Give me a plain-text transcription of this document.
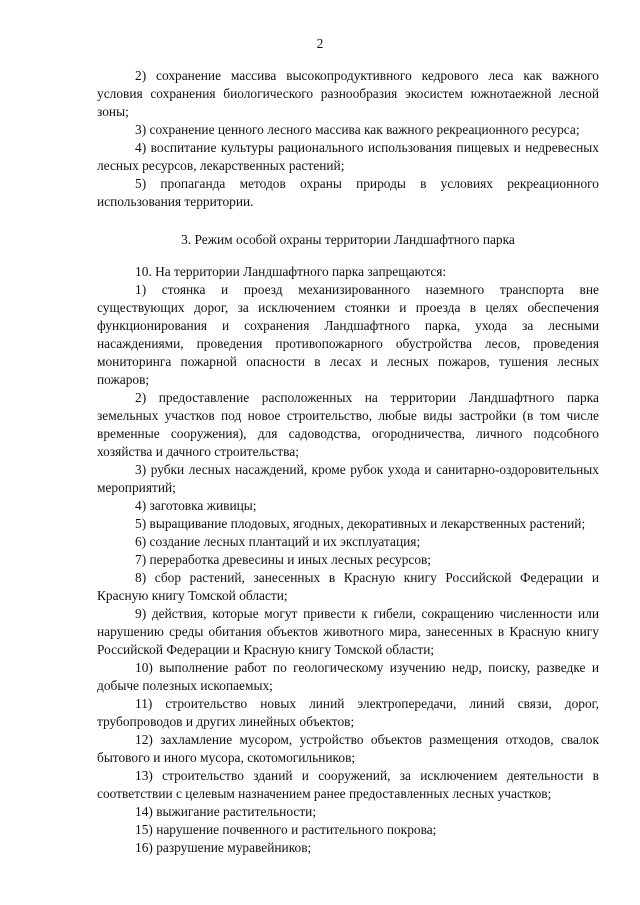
2

2) сохранение массива высокопродуктивного кедрового леса как важного условия сохранения биологического разнообразия экосистем южнотаежной лесной зоны;

3) сохранение ценного лесного массива как важного рекреационного ресурса;

4) воспитание культуры рационального использования пищевых и недревесных лесных ресурсов, лекарственных растений;

5) пропаганда методов охраны природы в условиях рекреационного использования территории.

3. Режим особой охраны территории Ландшафтного парка

10. На территории Ландшафтного парка запрещаются:

1) стоянка и проезд механизированного наземного транспорта вне существующих дорог, за исключением стоянки и проезда в целях обеспечения функционирования и сохранения Ландшафтного парка, ухода за лесными насаждениями, проведения противопожарного обустройства лесов, проведения мониторинга пожарной опасности в лесах и лесных пожаров, тушения лесных пожаров;

2) предоставление расположенных на территории Ландшафтного парка земельных участков под новое строительство, любые виды застройки (в том числе временные сооружения), для садоводства, огородничества, личного подсобного хозяйства и дачного строительства;

3) рубки лесных насаждений, кроме рубок ухода и санитарно-оздоровительных мероприятий;

4) заготовка живицы;

5) выращивание плодовых, ягодных, декоративных и лекарственных растений;

6) создание лесных плантаций и их эксплуатация;

7) переработка древесины и иных лесных ресурсов;

8) сбор растений, занесенных в Красную книгу Российской Федерации и Красную книгу Томской области;

9) действия, которые могут привести к гибели, сокращению численности или нарушению среды обитания объектов животного мира, занесенных в Красную книгу Российской Федерации и Красную книгу Томской области;

10) выполнение работ по геологическому изучению недр, поиску, разведке и добыче полезных ископаемых;

11) строительство новых линий электропередачи, линий связи, дорог, трубопроводов и других линейных объектов;

12) захламление мусором, устройство объектов размещения отходов, свалок бытового и иного мусора, скотомогильников;

13) строительство зданий и сооружений, за исключением деятельности в соответствии с целевым назначением ранее предоставленных лесных участков;

14) выжигание растительности;

15) нарушение почвенного и растительного покрова;

16) разрушение муравейников;
